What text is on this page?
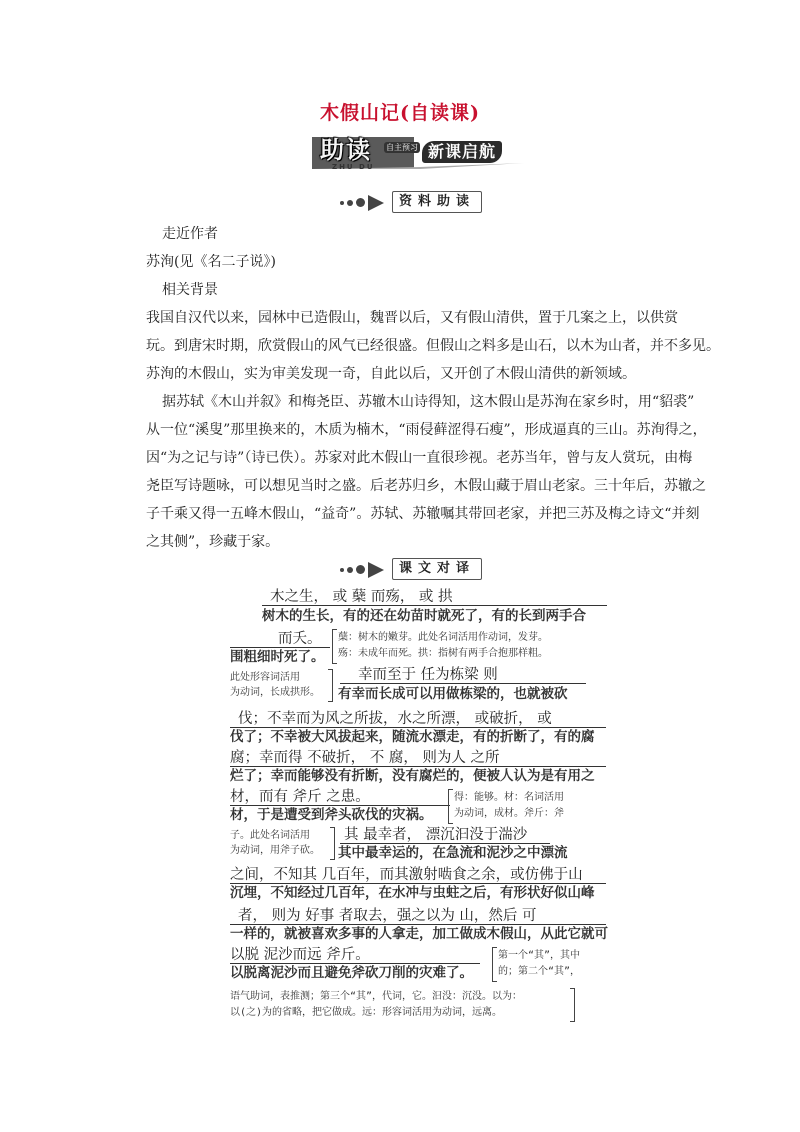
木假山记(自读课)
助读
ZHU DU
自主预习 新课启航
资料助读
走近作者
苏洵(见《名二子说》)
相关背景
我国自汉代以来，园林中已造假山，魏晋以后，又有假山清供，置于几案之上，以供赏
玩。到唐宋时期，欣赏假山的风气已经很盛。但假山之料多是山石，以木为山者，并不多见。
苏洵的木假山，实为审美发现一奇，自此以后，又开创了木假山清供的新领域。
据苏轼《木山并叙》和梅尧臣、苏辙木山诗得知，这木假山是苏洵在家乡时，用“貂裘”
从一位“溪叟”那里换来的，木质为楠木，“雨侵藓涩得石瘦”，形成逼真的三山。苏洵得之，
因“为之记与诗”（诗已佚）。苏家对此木假山一直很珍视。老苏当年，曾与友人赏玩，由梅
尧臣写诗题咏，可以想见当时之盛。后老苏归乡，木假山藏于眉山老家。三十年后，苏辙之
子千乘又得一五峰木假山，“益奇”。苏轼、苏辙嘱其带回老家，并把三苏及梅之诗文“并刻
之其侧”，珍藏于家。
课文对译
木之生， 或 蘖 而殇， 或 拱
树木的生长，有的还在幼苗时就死了，有的长到两手合
而夭。
围粗细时死了。
蘖：树木的嫩芽。此处名词活用作动词，发芽。
殇：未成年而死。拱：指树有两手合抱那样粗。
此处形容词活用
为动词，长成拱形。
幸而至于 任为栋梁 则
有幸而长成可以用做栋梁的，也就被砍
伐；不幸而为风之所拔，水之所漂， 或破折， 或
伐了；不幸被大风拔起来，随流水漂走，有的折断了，有的腐
腐；幸而得 不破折， 不 腐， 则为人 之所
烂了；幸而能够没有折断，没有腐烂的，便被人认为是有用之
材，而有 斧斤 之患。
材，于是遭受到斧头砍伐的灾祸。
得：能够。材：名词活用
为动词，成材。斧斤：斧
子。此处名词活用
为动词，用斧子砍。
其 最幸者， 漂沉汩没于湍沙
其中最幸运的，在急流和泥沙之中漂流
之间，不知其 几百年，而其激射啮食之余，或仿佛于山
沉埋，不知经过几百年，在水冲与虫蛀之后，有形状好似山峰
者， 则为 好事 者取去，强之以为 山，然后 可
一样的，就被喜欢多事的人拿走，加工做成木假山，从此它就可
以脱 泥沙而远 斧斤。
以脱离泥沙而且避免斧砍刀削的灾难了。
第一个“其”，其中
的；第二个“其”，
语气助词，表推测；第三个“其”，代词，它。汩没：沉没。以为：
以(之)为的省略，把它做成。远：形容词活用为动词，远离。
